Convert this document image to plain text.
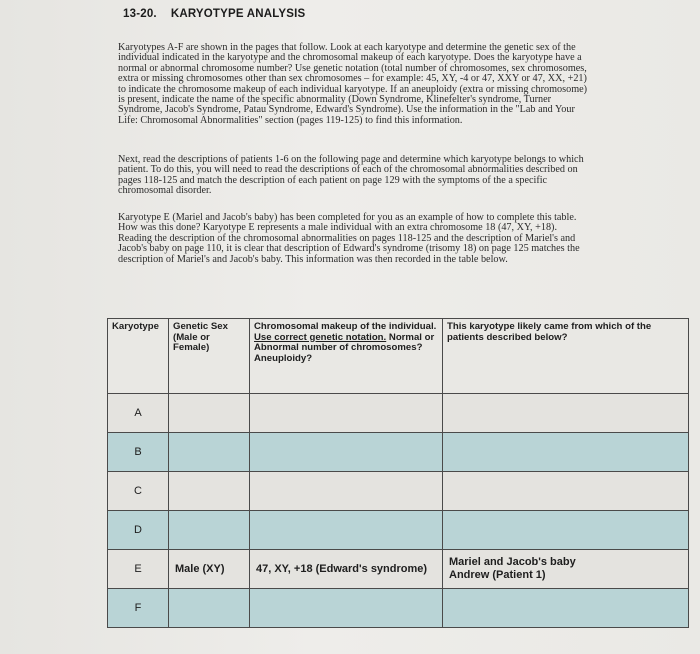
13-20. KARYOTYPE ANALYSIS

Karyotypes A-F are shown in the pages that follow. Look at each karyotype and determine the genetic sex of the individual indicated in the karyotype and the chromosomal makeup of each karyotype. Does the karyotype have a normal or abnormal chromosome number? Use genetic notation (total number of chromosomes, sex chromosomes, extra or missing chromosomes other than sex chromosomes – for example: 45, XY, -4 or 47, XXY or 47, XX, +21) to indicate the chromosome makeup of each individual karyotype. If an aneuploidy (extra or missing chromosome) is present, indicate the name of the specific abnormality (Down Syndrome, Klinefelter's syndrome, Turner Syndrome, Jacob's Syndrome, Patau Syndrome, Edward's Syndrome). Use the information in the "Lab and Your Life: Chromosomal Abnormalities" section (pages 119-125) to find this information.

Next, read the descriptions of patients 1-6 on the following page and determine which karyotype belongs to which patient. To do this, you will need to read the descriptions of each of the chromosomal abnormalities described on pages 118-125 and match the description of each patient on page 129 with the symptoms of the a specific chromosomal disorder.

Karyotype E (Mariel and Jacob's baby) has been completed for you as an example of how to complete this table. How was this done? Karyotype E represents a male individual with an extra chromosome 18 (47, XY, +18). Reading the description of the chromosomal abnormalities on pages 118-125 and the description of Mariel's and Jacob's baby on page 110, it is clear that description of Edward's syndrome (trisomy 18) on page 125 matches the description of Mariel's and Jacob's baby. This information was then recorded in the table below.

Karyotype	Genetic Sex
(Male or
Female)	Chromosomal makeup of the individual. Use correct genetic notation. Normal or Abnormal number of chromosomes? Aneuploidy?	This karyotype likely came from which of the patients described below?
A			
B			
C			
D			
E	Male (XY)	47, XY, +18 (Edward's syndrome)	Mariel and Jacob's baby
Andrew (Patient 1)
F			
